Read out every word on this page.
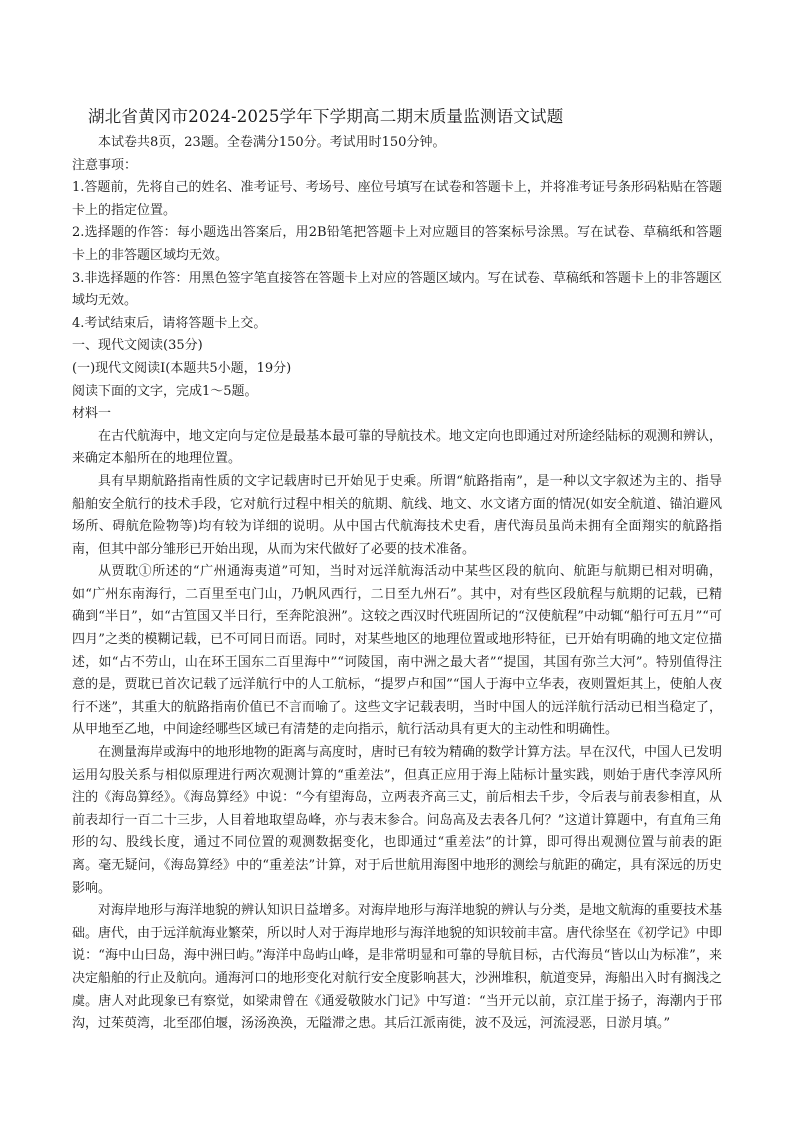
湖北省黄冈市2024-2025学年下学期高二期末质量监测语文试题

本试卷共8页，23题。全卷满分150分。考试用时150分钟。

注意事项：

1.答题前，先将自己的姓名、准考证号、考场号、座位号填写在试卷和答题卡上，并将准考证号条形码粘贴在答题卡上的指定位置。

2.选择题的作答：每小题选出答案后，用2B铅笔把答题卡上对应题目的答案标号涂黑。写在试卷、草稿纸和答题卡上的非答题区域均无效。

3.非选择题的作答：用黑色签字笔直接答在答题卡上对应的答题区域内。写在试卷、草稿纸和答题卡上的非答题区域均无效。

4.考试结束后，请将答题卡上交。

一、现代文阅读(35分)

(一)现代文阅读Ⅰ(本题共5小题，19分)

阅读下面的文字，完成1～5题。

材料一

在古代航海中，地文定向与定位是最基本最可靠的导航技术。地文定向也即通过对所途经陆标的观测和辨认，来确定本船所在的地理位置。

具有早期航路指南性质的文字记载唐时已开始见于史乘。所谓“航路指南”，是一种以文字叙述为主的、指导船舶安全航行的技术手段，它对航行过程中相关的航期、航线、地文、水文诸方面的情况(如安全航道、锚泊避风场所、碍航危险物等)均有较为详细的说明。从中国古代航海技术史看，唐代海员虽尚未拥有全面翔实的航路指南，但其中部分雏形已开始出现，从而为宋代做好了必要的技术准备。

从贾耽①所述的“广州通海夷道”可知，当时对远洋航海活动中某些区段的航向、航距与航期已相对明确，如“广州东南海行，二百里至屯门山，乃帆风西行，二日至九州石”。其中，对有些区段航程与航期的记载，已精确到“半日”，如“古笪国又半日行，至奔陀浪洲”。这较之西汉时代班固所记的“汉使航程”中动辄“船行可五月”“可四月”之类的模糊记载，已不可同日而语。同时，对某些地区的地理位置或地形特征，已开始有明确的地文定位描述，如“占不劳山，山在环王国东二百里海中”“诃陵国，南中洲之最大者”“提国，其国有弥兰大河”。特别值得注意的是，贾耽已首次记载了远洋航行中的人工航标，“提罗卢和国”“国人于海中立华表，夜则置炬其上，使舶人夜行不迷”，其重大的航路指南价值已不言而喻了。这些文字记载表明，当时中国人的远洋航行活动已相当稳定了，从甲地至乙地，中间途经哪些区域已有清楚的走向指示，航行活动具有更大的主动性和明确性。

在测量海岸或海中的地形地物的距离与高度时，唐时已有较为精确的数学计算方法。早在汉代，中国人已发明运用勾股关系与相似原理进行两次观测计算的“重差法”，但真正应用于海上陆标计量实践，则始于唐代李淳风所注的《海岛算经》。《海岛算经》中说：“今有望海岛，立两表齐高三丈，前后相去千步，令后表与前表参相直，从前表却行一百二十三步，人目着地取望岛峰，亦与表末参合。问岛高及去表各几何？”这道计算题中，有直角三角形的勾、股线长度，通过不同位置的观测数据变化，也即通过“重差法”的计算，即可得出观测位置与前表的距离。毫无疑问，《海岛算经》中的“重差法”计算，对于后世航用海图中地形的测绘与航距的确定，具有深远的历史影响。

对海岸地形与海洋地貌的辨认知识日益增多。对海岸地形与海洋地貌的辨认与分类，是地文航海的重要技术基础。唐代，由于远洋航海业繁荣，所以时人对于海岸地形与海洋地貌的知识较前丰富。唐代徐坚在《初学记》中即说：“海中山曰岛，海中洲曰屿。”海洋中岛屿山峰，是非常明显和可靠的导航目标，古代海员“皆以山为标准”，来决定船舶的行止及航向。通海河口的地形变化对航行安全度影响甚大，沙洲堆积，航道变异，海船出入时有搁浅之虞。唐人对此现象已有察觉，如梁肃曾在《通爱敬陂水门记》中写道：“当开元以前，京江崖于扬子，海潮内于邗沟，过茱萸湾，北至邵伯堰，汤汤涣涣，无隘滞之患。其后江派南徙，波不及远，河流浸恶，日淤月填。”
